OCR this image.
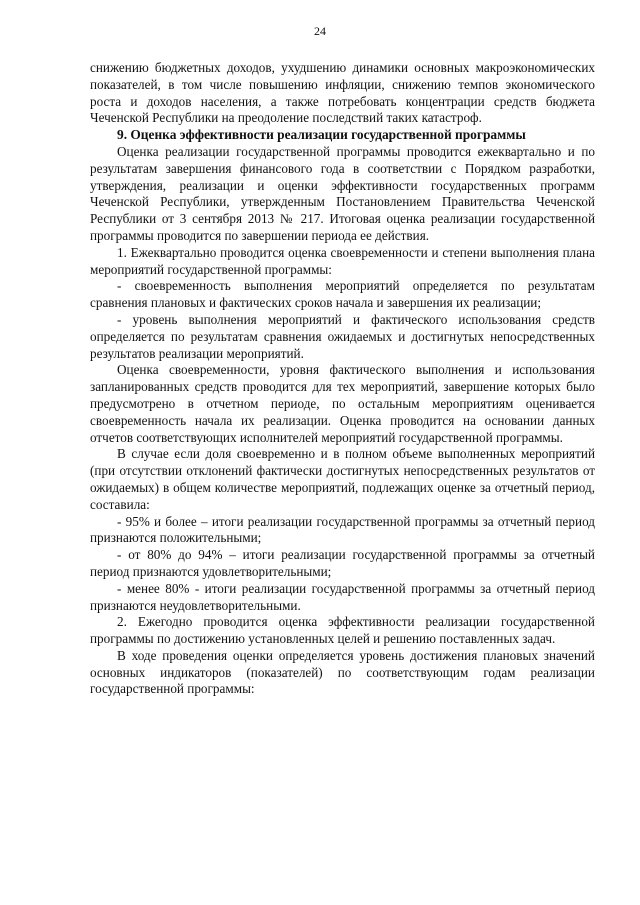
24

снижению бюджетных доходов, ухудшению динамики основных макроэкономических показателей, в том числе повышению инфляции, снижению темпов экономического роста и доходов населения, а также потребовать концентрации средств бюджета Чеченской Республики на преодоление последствий таких катастроф.

9. Оценка эффективности реализации государственной программы

Оценка реализации государственной программы проводится ежеквартально и по результатам завершения финансового года в соответствии с Порядком разработки, утверждения, реализации и оценки эффективности государственных программ Чеченской Республики, утвержденным Постановлением Правительства Чеченской Республики от 3 сентября 2013 № 217. Итоговая оценка реализации государственной программы проводится по завершении периода ее действия.

1. Ежеквартально проводится оценка своевременности и степени выполнения плана мероприятий государственной программы:

- своевременность выполнения мероприятий определяется по результатам сравнения плановых и фактических сроков начала и завершения их реализации;

- уровень выполнения мероприятий и фактического использования средств определяется по результатам сравнения ожидаемых и достигнутых непосредственных результатов реализации мероприятий.

Оценка своевременности, уровня фактического выполнения и использования запланированных средств проводится для тех мероприятий, завершение которых было предусмотрено в отчетном периоде, по остальным мероприятиям оценивается своевременность начала их реализации. Оценка проводится на основании данных отчетов соответствующих исполнителей мероприятий государственной программы.

В случае если доля своевременно и в полном объеме выполненных мероприятий (при отсутствии отклонений фактически достигнутых непосредственных результатов от ожидаемых) в общем количестве мероприятий, подлежащих оценке за отчетный период, составила:

- 95% и более – итоги реализации государственной программы за отчетный период признаются положительными;

- от 80% до 94% – итоги реализации государственной программы за отчетный период признаются удовлетворительными;

- менее 80% - итоги реализации государственной программы за отчетный период признаются неудовлетворительными.

2. Ежегодно проводится оценка эффективности реализации государственной программы по достижению установленных целей и решению поставленных задач.

В ходе проведения оценки определяется уровень достижения плановых значений основных индикаторов (показателей) по соответствующим годам реализации государственной программы:
